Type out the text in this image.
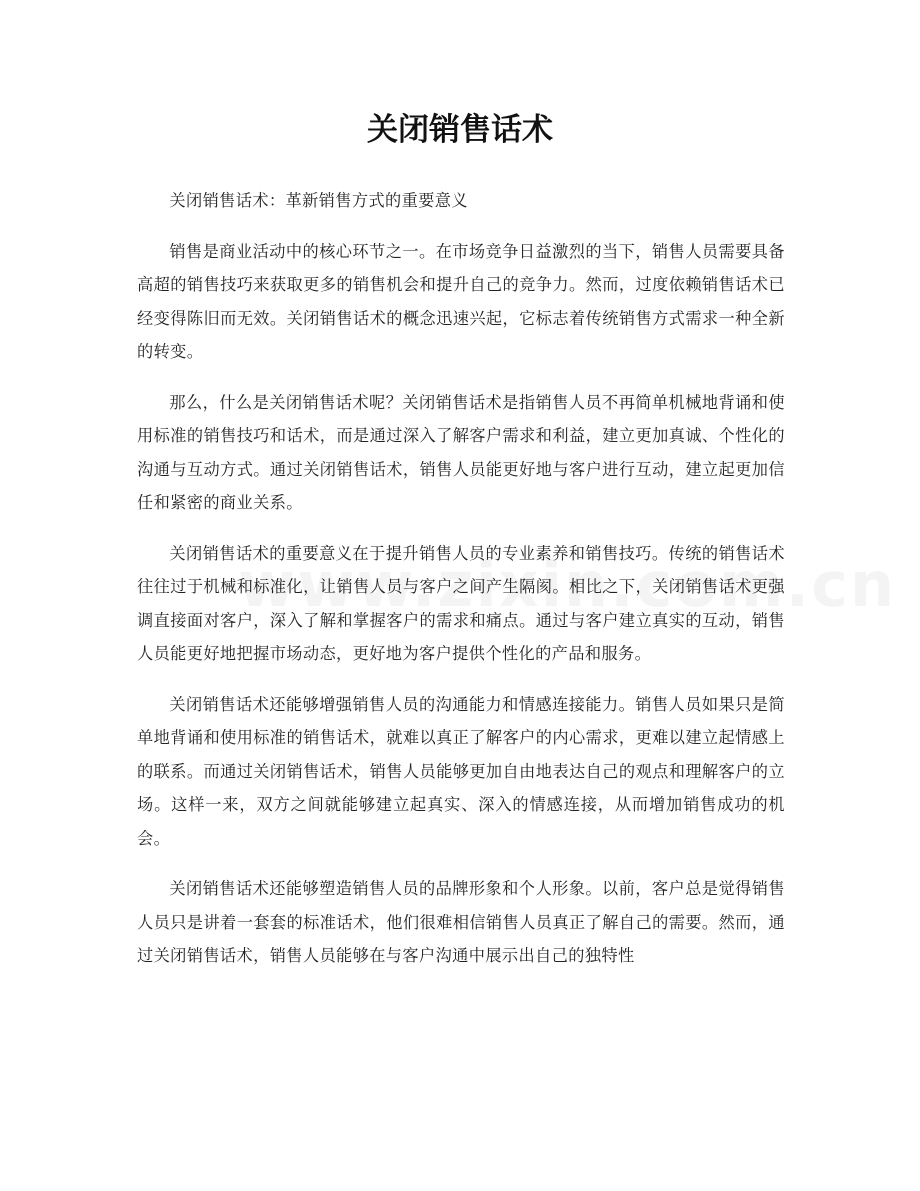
关闭销售话术

关闭销售话术：革新销售方式的重要意义

销售是商业活动中的核心环节之一。在市场竞争日益激烈的当下，销售人员需要具备高超的销售技巧来获取更多的销售机会和提升自己的竞争力。然而，过度依赖销售话术已经变得陈旧而无效。关闭销售话术的概念迅速兴起，它标志着传统销售方式需求一种全新的转变。

那么，什么是关闭销售话术呢？关闭销售话术是指销售人员不再简单机械地背诵和使用标准的销售技巧和话术，而是通过深入了解客户需求和利益，建立更加真诚、个性化的沟通与互动方式。通过关闭销售话术，销售人员能更好地与客户进行互动，建立起更加信任和紧密的商业关系。

关闭销售话术的重要意义在于提升销售人员的专业素养和销售技巧。传统的销售话术往往过于机械和标准化，让销售人员与客户之间产生隔阂。相比之下，关闭销售话术更强调直接面对客户，深入了解和掌握客户的需求和痛点。通过与客户建立真实的互动，销售人员能更好地把握市场动态，更好地为客户提供个性化的产品和服务。

关闭销售话术还能够增强销售人员的沟通能力和情感连接能力。销售人员如果只是简单地背诵和使用标准的销售话术，就难以真正了解客户的内心需求，更难以建立起情感上的联系。而通过关闭销售话术，销售人员能够更加自由地表达自己的观点和理解客户的立场。这样一来，双方之间就能够建立起真实、深入的情感连接，从而增加销售成功的机会。

关闭销售话术还能够塑造销售人员的品牌形象和个人形象。以前，客户总是觉得销售人员只是讲着一套套的标准话术，他们很难相信销售人员真正了解自己的需要。然而，通过关闭销售话术，销售人员能够在与客户沟通中展示出自己的独特性
